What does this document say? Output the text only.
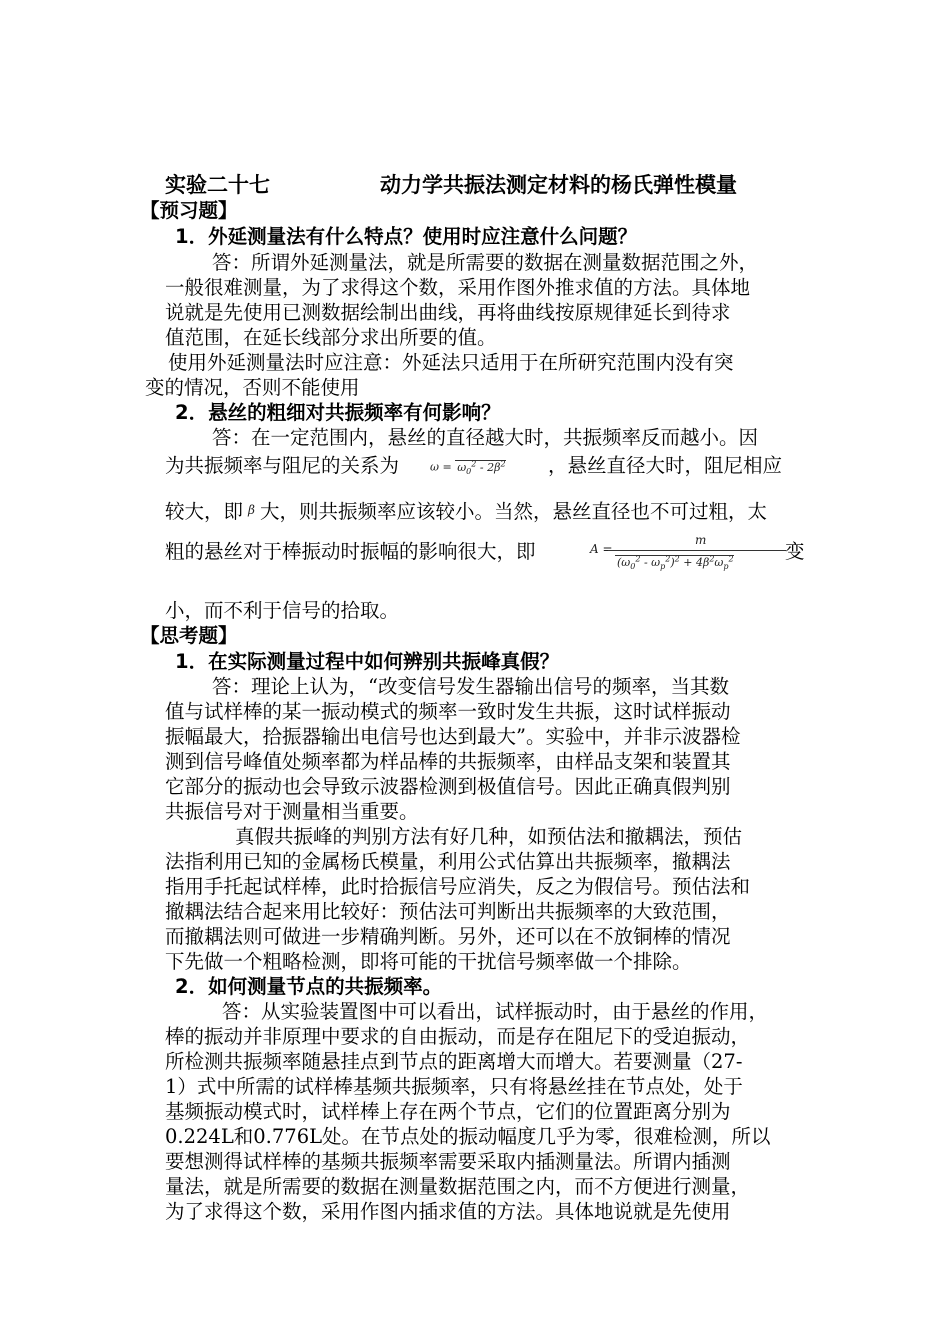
实验二十七	动力学共振法测定材料的杨氏弹性模量
【预习题】
1．外延测量法有什么特点？使用时应注意什么问题？
答：所谓外延测量法，就是所需要的数据在测量数据范围之外，
一般很难测量，为了求得这个数，采用作图外推求值的方法。具体地
说就是先使用已测数据绘制出曲线，再将曲线按原规律延长到待求
值范围，在延长线部分求出所要的值。
使用外延测量法时应注意：外延法只适用于在所研究范围内没有突
变的情况，否则不能使用
2．悬丝的粗细对共振频率有何影响？
答：在一定范围内，悬丝的直径越大时，共振频率反而越小。因
为共振频率与阻尼的关系为	$\omega = \omega_0^2 - 2\beta^2$ ，悬丝直径大时，阻尼相应
较大，即 β 大，则共振频率应该较小。当然，悬丝直径也不可过粗，太
粗的悬丝对于棒振动时振幅的影响很大，即	A =
m
$(\omega_0^2 - \omega_p^2)^2 + 4\beta^2\omega_p^2$	变
小，而不利于信号的拾取。
【思考题】
1．在实际测量过程中如何辨别共振峰真假？
答：理论上认为，“改变信号发生器输出信号的频率，当其数
值与试样棒的某一振动模式的频率一致时发生共振，这时试样振动
振幅最大，拾振器输出电信号也达到最大”。实验中，并非示波器检
测到信号峰值处频率都为样品棒的共振频率，由样品支架和装置其
它部分的振动也会导致示波器检测到极值信号。因此正确真假判别
共振信号对于测量相当重要。
真假共振峰的判别方法有好几种，如预估法和撤耦法，预估
法指利用已知的金属杨氏模量，利用公式估算出共振频率，撤耦法
指用手托起试样棒，此时拾振信号应消失，反之为假信号。预估法和
撤耦法结合起来用比较好：预估法可判断出共振频率的大致范围，
而撤耦法则可做进一步精确判断。另外，还可以在不放铜棒的情况
下先做一个粗略检测，即将可能的干扰信号频率做一个排除。
2．如何测量节点的共振频率。
答：从实验装置图中可以看出，试样振动时，由于悬丝的作用，
棒的振动并非原理中要求的自由振动，而是存在阻尼下的受迫振动，
所检测共振频率随悬挂点到节点的距离增大而增大。若要测量（27-
1）式中所需的试样棒基频共振频率，只有将悬丝挂在节点处，处于
基频振动模式时，试样棒上存在两个节点，它们的位置距离分别为
0.224L和0.776L处。在节点处的振动幅度几乎为零，很难检测，所以
要想测得试样棒的基频共振频率需要采取内插测量法。所谓内插测
量法，就是所需要的数据在测量数据范围之内，而不方便进行测量，
为了求得这个数，采用作图内插求值的方法。具体地说就是先使用
